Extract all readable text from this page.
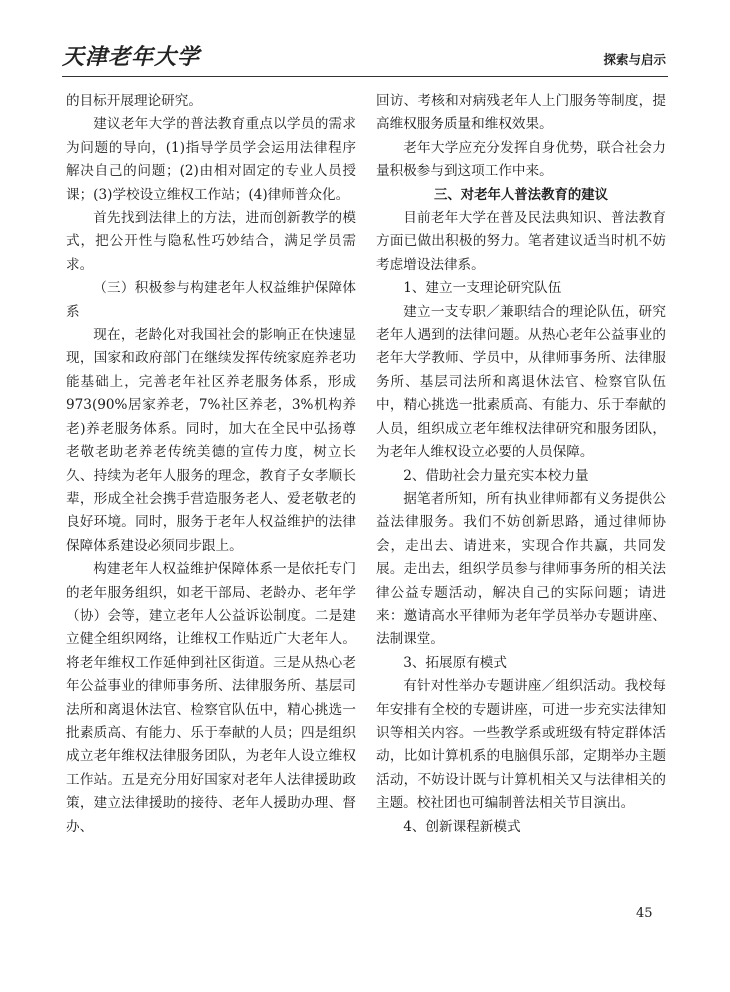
天津老年大学	探索与启示

的目标开展理论研究。

建议老年大学的普法教育重点以学员的需求为问题的导向，(1)指导学员学会运用法律程序解决自己的问题；(2)由相对固定的专业人员授课；(3)学校设立维权工作站；(4)律师普众化。

首先找到法律上的方法，进而创新教学的模式，把公开性与隐私性巧妙结合，满足学员需求。

（三）积极参与构建老年人权益维护保障体系

现在，老龄化对我国社会的影响正在快速显现，国家和政府部门在继续发挥传统家庭养老功能基础上，完善老年社区养老服务体系，形成973(90%居家养老，7%社区养老，3%机构养老)养老服务体系。同时，加大在全民中弘扬尊老敬老助老养老传统美德的宣传力度，树立长久、持续为老年人服务的理念，教育子女孝顺长辈，形成全社会携手营造服务老人、爱老敬老的良好环境。同时，服务于老年人权益维护的法律保障体系建设必须同步跟上。

构建老年人权益维护保障体系一是依托专门的老年服务组织，如老干部局、老龄办、老年学（协）会等，建立老年人公益诉讼制度。二是建立健全组织网络，让维权工作贴近广大老年人。将老年维权工作延伸到社区街道。三是从热心老年公益事业的律师事务所、法律服务所、基层司法所和离退休法官、检察官队伍中，精心挑选一批素质高、有能力、乐于奉献的人员；四是组织成立老年维权法律服务团队，为老年人设立维权工作站。五是充分用好国家对老年人法律援助政策，建立法律援助的接待、老年人援助办理、督办、

回访、考核和对病残老年人上门服务等制度，提高维权服务质量和维权效果。

老年大学应充分发挥自身优势，联合社会力量积极参与到这项工作中来。

三、对老年人普法教育的建议

目前老年大学在普及民法典知识、普法教育方面已做出积极的努力。笔者建议适当时机不妨考虑增设法律系。

1、建立一支理论研究队伍

建立一支专职／兼职结合的理论队伍，研究老年人遇到的法律问题。从热心老年公益事业的老年大学教师、学员中，从律师事务所、法律服务所、基层司法所和离退休法官、检察官队伍中，精心挑选一批素质高、有能力、乐于奉献的人员，组织成立老年维权法律研究和服务团队，为老年人维权设立必要的人员保障。

2、借助社会力量充实本校力量

据笔者所知，所有执业律师都有义务提供公益法律服务。我们不妨创新思路，通过律师协会，走出去、请进来，实现合作共赢，共同发展。走出去，组织学员参与律师事务所的相关法律公益专题活动，解决自己的实际问题；请进来：邀请高水平律师为老年学员举办专题讲座、法制课堂。

3、拓展原有模式

有针对性举办专题讲座／组织活动。我校每年安排有全校的专题讲座，可进一步充实法律知识等相关内容。一些教学系或班级有特定群体活动，比如计算机系的电脑俱乐部，定期举办主题活动，不妨设计既与计算机相关又与法律相关的主题。校社团也可编制普法相关节目演出。

4、创新课程新模式

45
